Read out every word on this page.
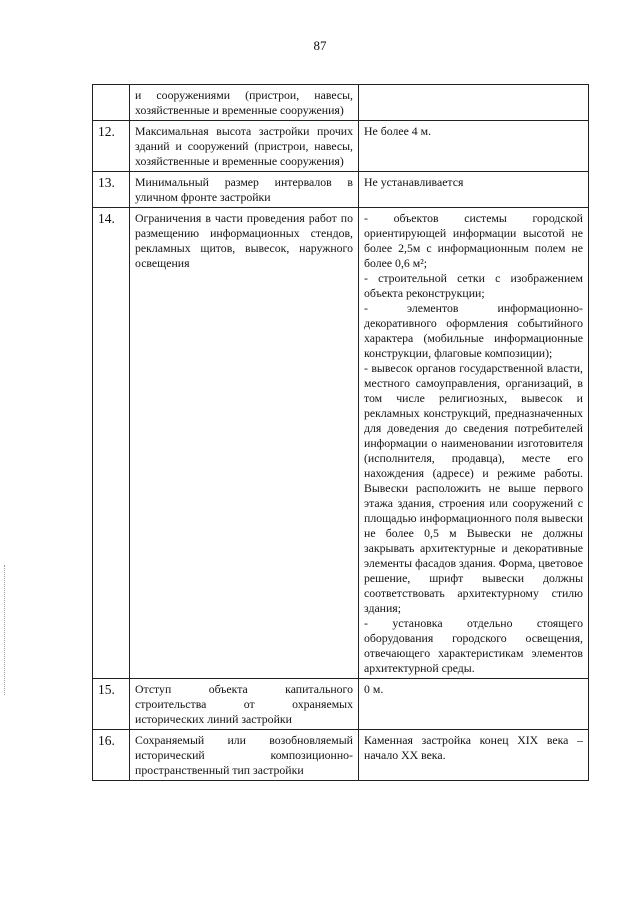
87
	и сооружениями (пристрои, навесы, хозяйственные и временные сооружения)	
12.	Максимальная высота застройки прочих зданий и сооружений (пристрои, навесы, хозяйственные и временные сооружения)	Не более 4 м.

13.	Минимальный размер интервалов в уличном фронте застройки	Не устанавливается

14.	Ограничения в части проведения работ по размещению информационных стендов, рекламных щитов, вывесок, наружного освещения	- объектов системы городской ориентирующей информации высотой не более 2,5м с информационным полем не более 0,6 м²;

- строительной сетки с изображением объекта реконструкции;

- элементов информационно-декоративного оформления событийного характера (мобильные информационные конструкции, флаговые композиции);

- вывесок органов государственной власти, местного самоуправления, организаций, в том числе религиозных, вывесок и рекламных конструкций, предназначенных для доведения до сведения потребителей информации о наименовании изготовителя (исполнителя, продавца), месте его нахождения (адресе) и режиме работы. Вывески расположить не выше первого этажа здания, строения или сооружений с площадью информационного поля вывески не более 0,5 м Вывески не должны закрывать архитектурные и декоративные элементы фасадов здания. Форма, цветовое решение, шрифт вывески должны соответствовать архитектурному стилю здания;

- установка отдельно стоящего оборудования городского освещения, отвечающего характеристикам элементов архитектурной среды.

15.	Отступ объекта капитального строительства от охраняемых исторических линий застройки	0 м.

16.	Сохраняемый или возобновляемый исторический композиционно-пространственный тип застройки	Каменная застройка конец XIX века – начало XX века.
